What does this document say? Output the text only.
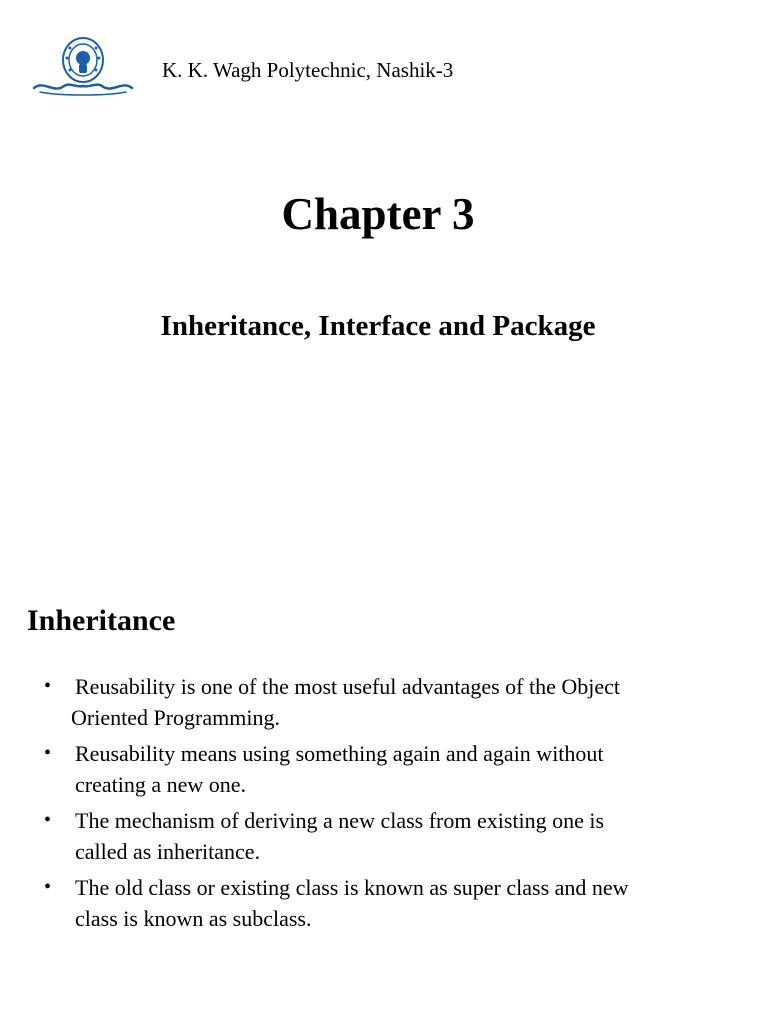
K. K. Wagh Polytechnic, Nashik-3
Chapter 3
Inheritance, Interface and Package
Inheritance
• Reusability is one of the most useful advantages of the Object
Oriented Programming.
• Reusability means using something again and again without
creating a new one.
• The mechanism of deriving a new class from existing one is
called as inheritance.
• The old class or existing class is known as super class and new
class is known as subclass.
